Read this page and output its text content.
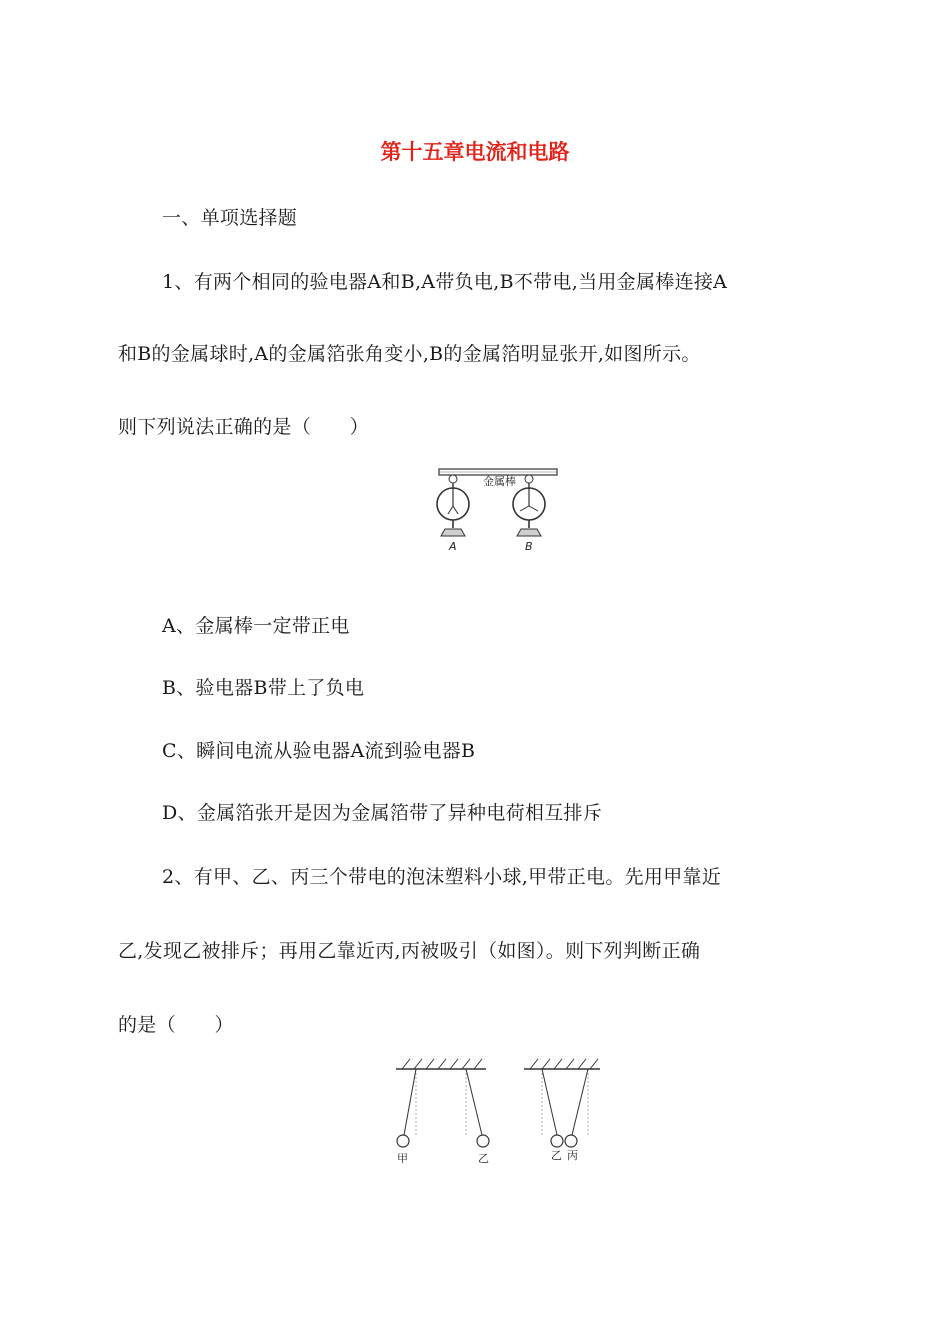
第十五章电流和电路
一、单项选择题
1、有两个相同的验电器A和B,A带负电,B不带电,当用金属棒连接A
和B的金属球时,A的金属箔张角变小,B的金属箔明显张开,如图所示。
则下列说法正确的是（　　）
金属棒
A	B
A、金属棒一定带正电
B、验电器B带上了负电
C、瞬间电流从验电器A流到验电器B
D、金属箔张开是因为金属箔带了异种电荷相互排斥
2、有甲、乙、丙三个带电的泡沫塑料小球,甲带正电。先用甲靠近
乙,发现乙被排斥；再用乙靠近丙,丙被吸引（如图）。则下列判断正确
的是（　　）
甲	乙	乙 丙
